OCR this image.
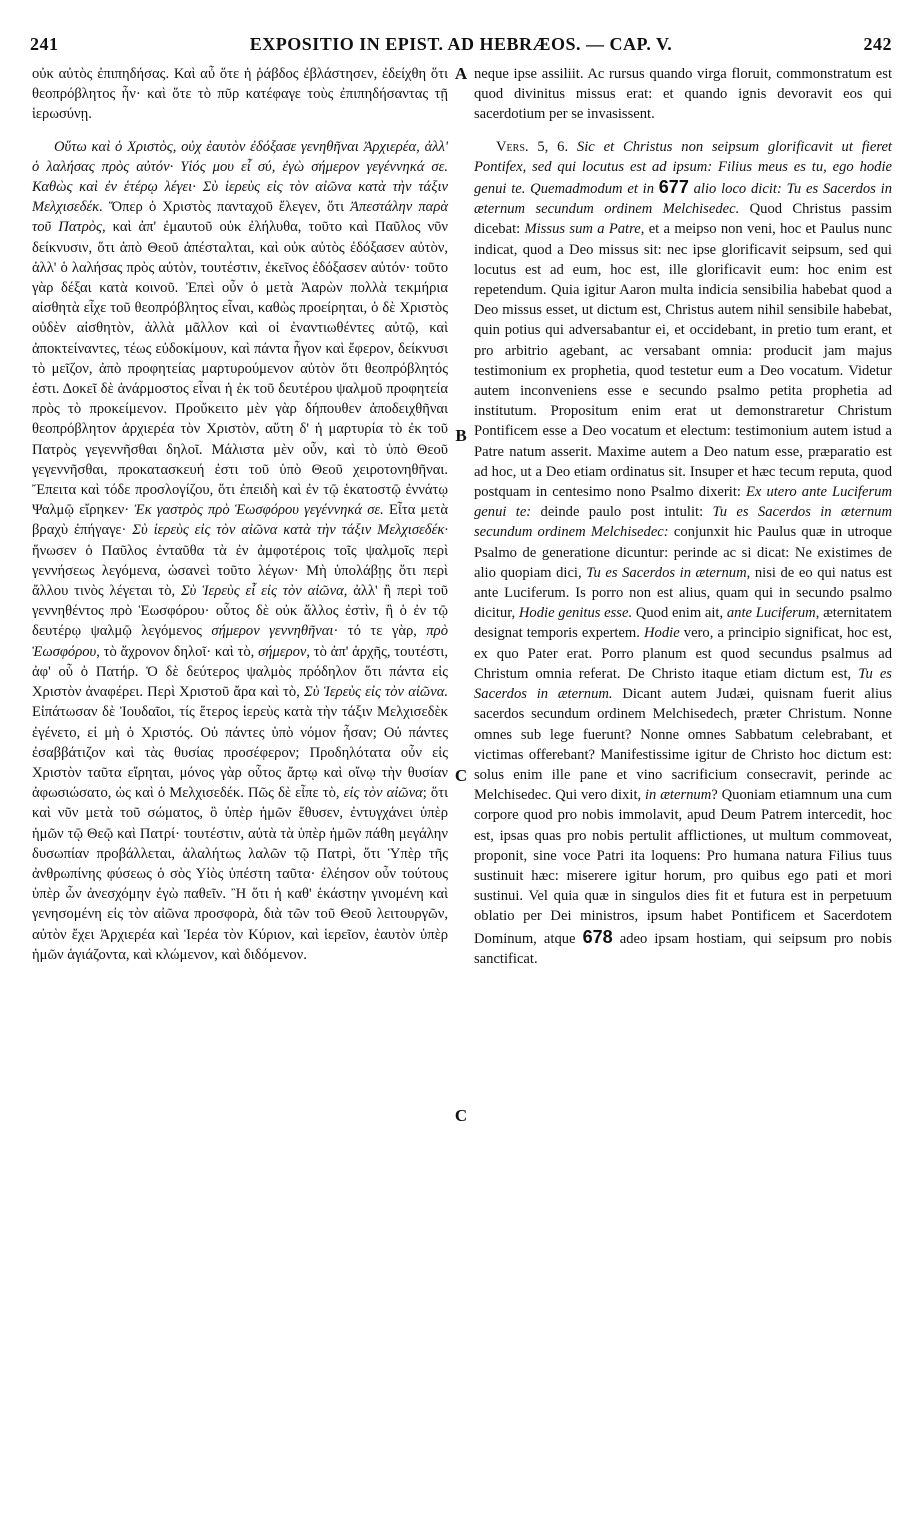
241	EXPOSITIO IN EPIST. AD HEBRÆOS. — CAP. V.	242
A
B
C
C

οὐκ αὐτὸς ἐπιπηδήσας. Καὶ αὖ ὅτε ἡ ῥάβδος ἐβλάστησεν, ἐδείχθη ὅτι θεοπρόβλητος ἦν· καὶ ὅτε τὸ πῦρ κατέφαγε τοὺς ἐπιπηδήσαντας τῇ ἱερωσύνῃ.

Οὕτω καὶ ὁ Χριστὸς, οὐχ ἑαυτὸν ἐδόξασε γενηθῆναι Ἀρχιερέα, ἀλλ' ὁ λαλήσας πρὸς αὐτόν· Υἱός μου εἶ σύ, ἐγὼ σήμερον γεγέννηκά σε. Καθὼς καὶ ἐν ἑτέρῳ λέγει· Σὺ ἱερεὺς εἰς τὸν αἰῶνα κατὰ τὴν τάξιν Μελχισεδέκ. Ὅπερ ὁ Χριστὸς πανταχοῦ ἔλεγεν, ὅτι Ἀπεστάλην παρὰ τοῦ Πατρὸς, καὶ ἀπ' ἐμαυτοῦ οὐκ ἐλήλυθα, τοῦτο καὶ Παῦλος νῦν δείκνυσιν, ὅτι ἀπὸ Θεοῦ ἀπέσταλται, καὶ οὐκ αὐτὸς ἐδόξασεν αὐτὸν, ἀλλ' ὁ λαλήσας πρὸς αὐτὸν, τουτέστιν, ἐκεῖνος ἐδόξασεν αὐτόν· τοῦτο γὰρ δέξαι κατὰ κοινοῦ. Ἐπεὶ οὖν ὁ μετὰ Ἀαρὼν πολλὰ τεκμήρια αἰσθητὰ εἶχε τοῦ θεοπρόβλητος εἶναι, καθὼς προείρηται, ὁ δὲ Χριστὸς οὐδὲν αἰσθητὸν, ἀλλὰ μᾶλλον καὶ οἱ ἐναντιωθέντες αὐτῷ, καὶ ἀποκτείναντες, τέως εὐδοκίμουν, καὶ πάντα ἦγον καὶ ἔφερον, δείκνυσι τὸ μεῖζον, ἀπὸ προφητείας μαρτυρούμενον αὐτὸν ὅτι θεοπρόβλητός ἐστι. Δοκεῖ δὲ ἀνάρμοστος εἶναι ἡ ἐκ τοῦ δευτέρου ψαλμοῦ προφητεία πρὸς τὸ προκείμενον. Προὔκειτο μὲν γὰρ δήπουθεν ἀποδειχθῆναι θεοπρόβλητον ἀρχιερέα τὸν Χριστὸν, αὕτη δ' ἡ μαρτυρία τὸ ἐκ τοῦ Πατρὸς γεγεννῆσθαι δηλοῖ. Μάλιστα μὲν οὖν, καὶ τὸ ὑπὸ Θεοῦ γεγεννῆσθαι, προκατασκευή ἐστι τοῦ ὑπὸ Θεοῦ χειροτονηθῆναι. Ἔπειτα καὶ τόδε προσλογίζου, ὅτι ἐπειδὴ καὶ ἐν τῷ ἑκατοστῷ ἐννάτῳ Ψαλμῷ εἴρηκεν· Ἐκ γαστρὸς πρὸ Ἑωσφόρου γεγέννηκά σε. Εἶτα μετὰ βραχὺ ἐπήγαγε· Σὺ ἱερεὺς εἰς τὸν αἰῶνα κατὰ τὴν τάξιν Μελχισεδέκ· ἥνωσεν ὁ Παῦλος ἐνταῦθα τὰ ἐν ἀμφοτέροις τοῖς ψαλμοῖς περὶ γεννήσεως λεγόμενα, ὡσανεὶ τοῦτο λέγων· Μὴ ὑπολάβῃς ὅτι περὶ ἄλλου τινὸς λέγεται τὸ, Σὺ Ἱερεὺς εἶ εἰς τὸν αἰῶνα, ἀλλ' ἢ περὶ τοῦ γεννηθέντος πρὸ Ἑωσφόρου· οὗτος δὲ οὐκ ἄλλος ἐστὶν, ἢ ὁ ἐν τῷ δευτέρῳ ψαλμῷ λεγόμενος σήμερον γεννηθῆναι· τό τε γὰρ, πρὸ Ἑωσφόρου, τὸ ἄχρονον δηλοῖ· καὶ τὸ, σήμερον, τὸ ἀπ' ἀρχῆς, τουτέστι, ἀφ' οὗ ὁ Πατήρ. Ὁ δὲ δεύτερος ψαλμὸς πρόδηλον ὅτι πάντα εἰς Χριστὸν ἀναφέρει. Περὶ Χριστοῦ ἄρα καὶ τὸ, Σὺ Ἱερεὺς εἰς τὸν αἰῶνα. Εἰπάτωσαν δὲ Ἰουδαῖοι, τίς ἕτερος ἱερεὺς κατὰ τὴν τάξιν Μελχισεδὲκ ἐγένετο, εἰ μὴ ὁ Χριστός. Οὐ πάντες ὑπὸ νόμον ἦσαν; Οὐ πάντες ἐσαββάτιζον καὶ τὰς θυσίας προσέφερον; Προδηλότατα οὖν εἰς Χριστὸν ταῦτα εἴρηται, μόνος γὰρ οὗτος ἄρτῳ καὶ οἴνῳ τὴν θυσίαν ἀφωσιώσατο, ὡς καὶ ὁ Μελχισεδέκ. Πῶς δὲ εἶπε τὸ, εἰς τὸν αἰῶνα; ὅτι καὶ νῦν μετὰ τοῦ σώματος, ὃ ὑπὲρ ἡμῶν ἔθυσεν, ἐντυγχάνει ὑπὲρ ἡμῶν τῷ Θεῷ καὶ Πατρί· τουτέστιν, αὐτὰ τὰ ὑπὲρ ἡμῶν πάθη μεγάλην δυσωπίαν προβάλλεται, ἀλαλήτως λαλῶν τῷ Πατρὶ, ὅτι Ὑπὲρ τῆς ἀνθρωπίνης φύσεως ὁ σὸς Υἱὸς ὑπέστη ταῦτα· ἐλέησον οὖν τούτους ὑπὲρ ὧν ἀνεσχόμην ἐγὼ παθεῖν. Ἢ ὅτι ἡ καθ' ἑκάστην γινομένη καὶ γενησομένη εἰς τὸν αἰῶνα προσφορὰ, διὰ τῶν τοῦ Θεοῦ λειτουργῶν, αὐτὸν ἔχει Ἀρχιερέα καὶ Ἱερέα τὸν Κύριον, καὶ ἱερεῖον, ἑαυτὸν ὑπὲρ ἡμῶν ἁγιάζοντα, καὶ κλώμενον, καὶ διδόμενον.

neque ipse assiliit. Ac rursus quando virga floruit, commonstratum est quod divinitus missus erat: et quando ignis devoravit eos qui sacerdotium per se invasissent.

Vers. 5, 6. Sic et Christus non seipsum glorificavit ut fieret Pontifex, sed qui locutus est ad ipsum: Filius meus es tu, ego hodie genui te. Quemadmodum et in 677 alio loco dicit: Tu es Sacerdos in æternum secundum ordinem Melchisedec. Quod Christus passim dicebat: Missus sum a Patre, et a meipso non veni, hoc et Paulus nunc indicat, quod a Deo missus sit: nec ipse glorificavit seipsum, sed qui locutus est ad eum, hoc est, ille glorificavit eum: hoc enim est repetendum. Quia igitur Aaron multa indicia sensibilia habebat quod a Deo missus esset, ut dictum est, Christus autem nihil sensibile habebat, quin potius qui adversabantur ei, et occidebant, in pretio tum erant, et pro arbitrio agebant, ac versabant omnia: producit jam majus testimonium ex prophetia, quod testetur eum a Deo vocatum. Videtur autem inconveniens esse e secundo psalmo petita prophetia ad institutum. Propositum enim erat ut demonstraretur Christum Pontificem esse a Deo vocatum et electum: testimonium autem istud a Patre natum asserit. Maxime autem a Deo natum esse, præparatio est ad hoc, ut a Deo etiam ordinatus sit. Insuper et hæc tecum reputa, quod postquam in centesimo nono Psalmo dixerit: Ex utero ante Luciferum genui te: deinde paulo post intulit: Tu es Sacerdos in æternum secundum ordinem Melchisedec: conjunxit hic Paulus quæ in utroque Psalmo de generatione dicuntur: perinde ac si dicat: Ne existimes de alio quopiam dici, Tu es Sacerdos in æternum, nisi de eo qui natus est ante Luciferum. Is porro non est alius, quam qui in secundo psalmo dicitur, Hodie genitus esse. Quod enim ait, ante Luciferum, æternitatem designat temporis expertem. Hodie vero, a principio significat, hoc est, ex quo Pater erat. Porro planum est quod secundus psalmus ad Christum omnia referat. De Christo itaque etiam dictum est, Tu es Sacerdos in æternum. Dicant autem Judæi, quisnam fuerit alius sacerdos secundum ordinem Melchisedech, præter Christum. Nonne omnes sub lege fuerunt? Nonne omnes Sabbatum celebrabant, et victimas offerebant? Manifestissime igitur de Christo hoc dictum est: solus enim ille pane et vino sacrificium consecravit, perinde ac Melchisedec. Qui vero dixit, in æternum? Quoniam etiamnum una cum corpore quod pro nobis immolavit, apud Deum Patrem intercedit, hoc est, ipsas quas pro nobis pertulit afflictiones, ut multum commoveat, proponit, sine voce Patri ita loquens: Pro humana natura Filius tuus sustinuit hæc: miserere igitur horum, pro quibus ego pati et mori sustinui. Vel quia quæ in singulos dies fit et futura est in perpetuum oblatio per Dei ministros, ipsum habet Pontificem et Sacerdotem Dominum, atque 678 adeo ipsam hostiam, qui seipsum pro nobis sanctificat.
